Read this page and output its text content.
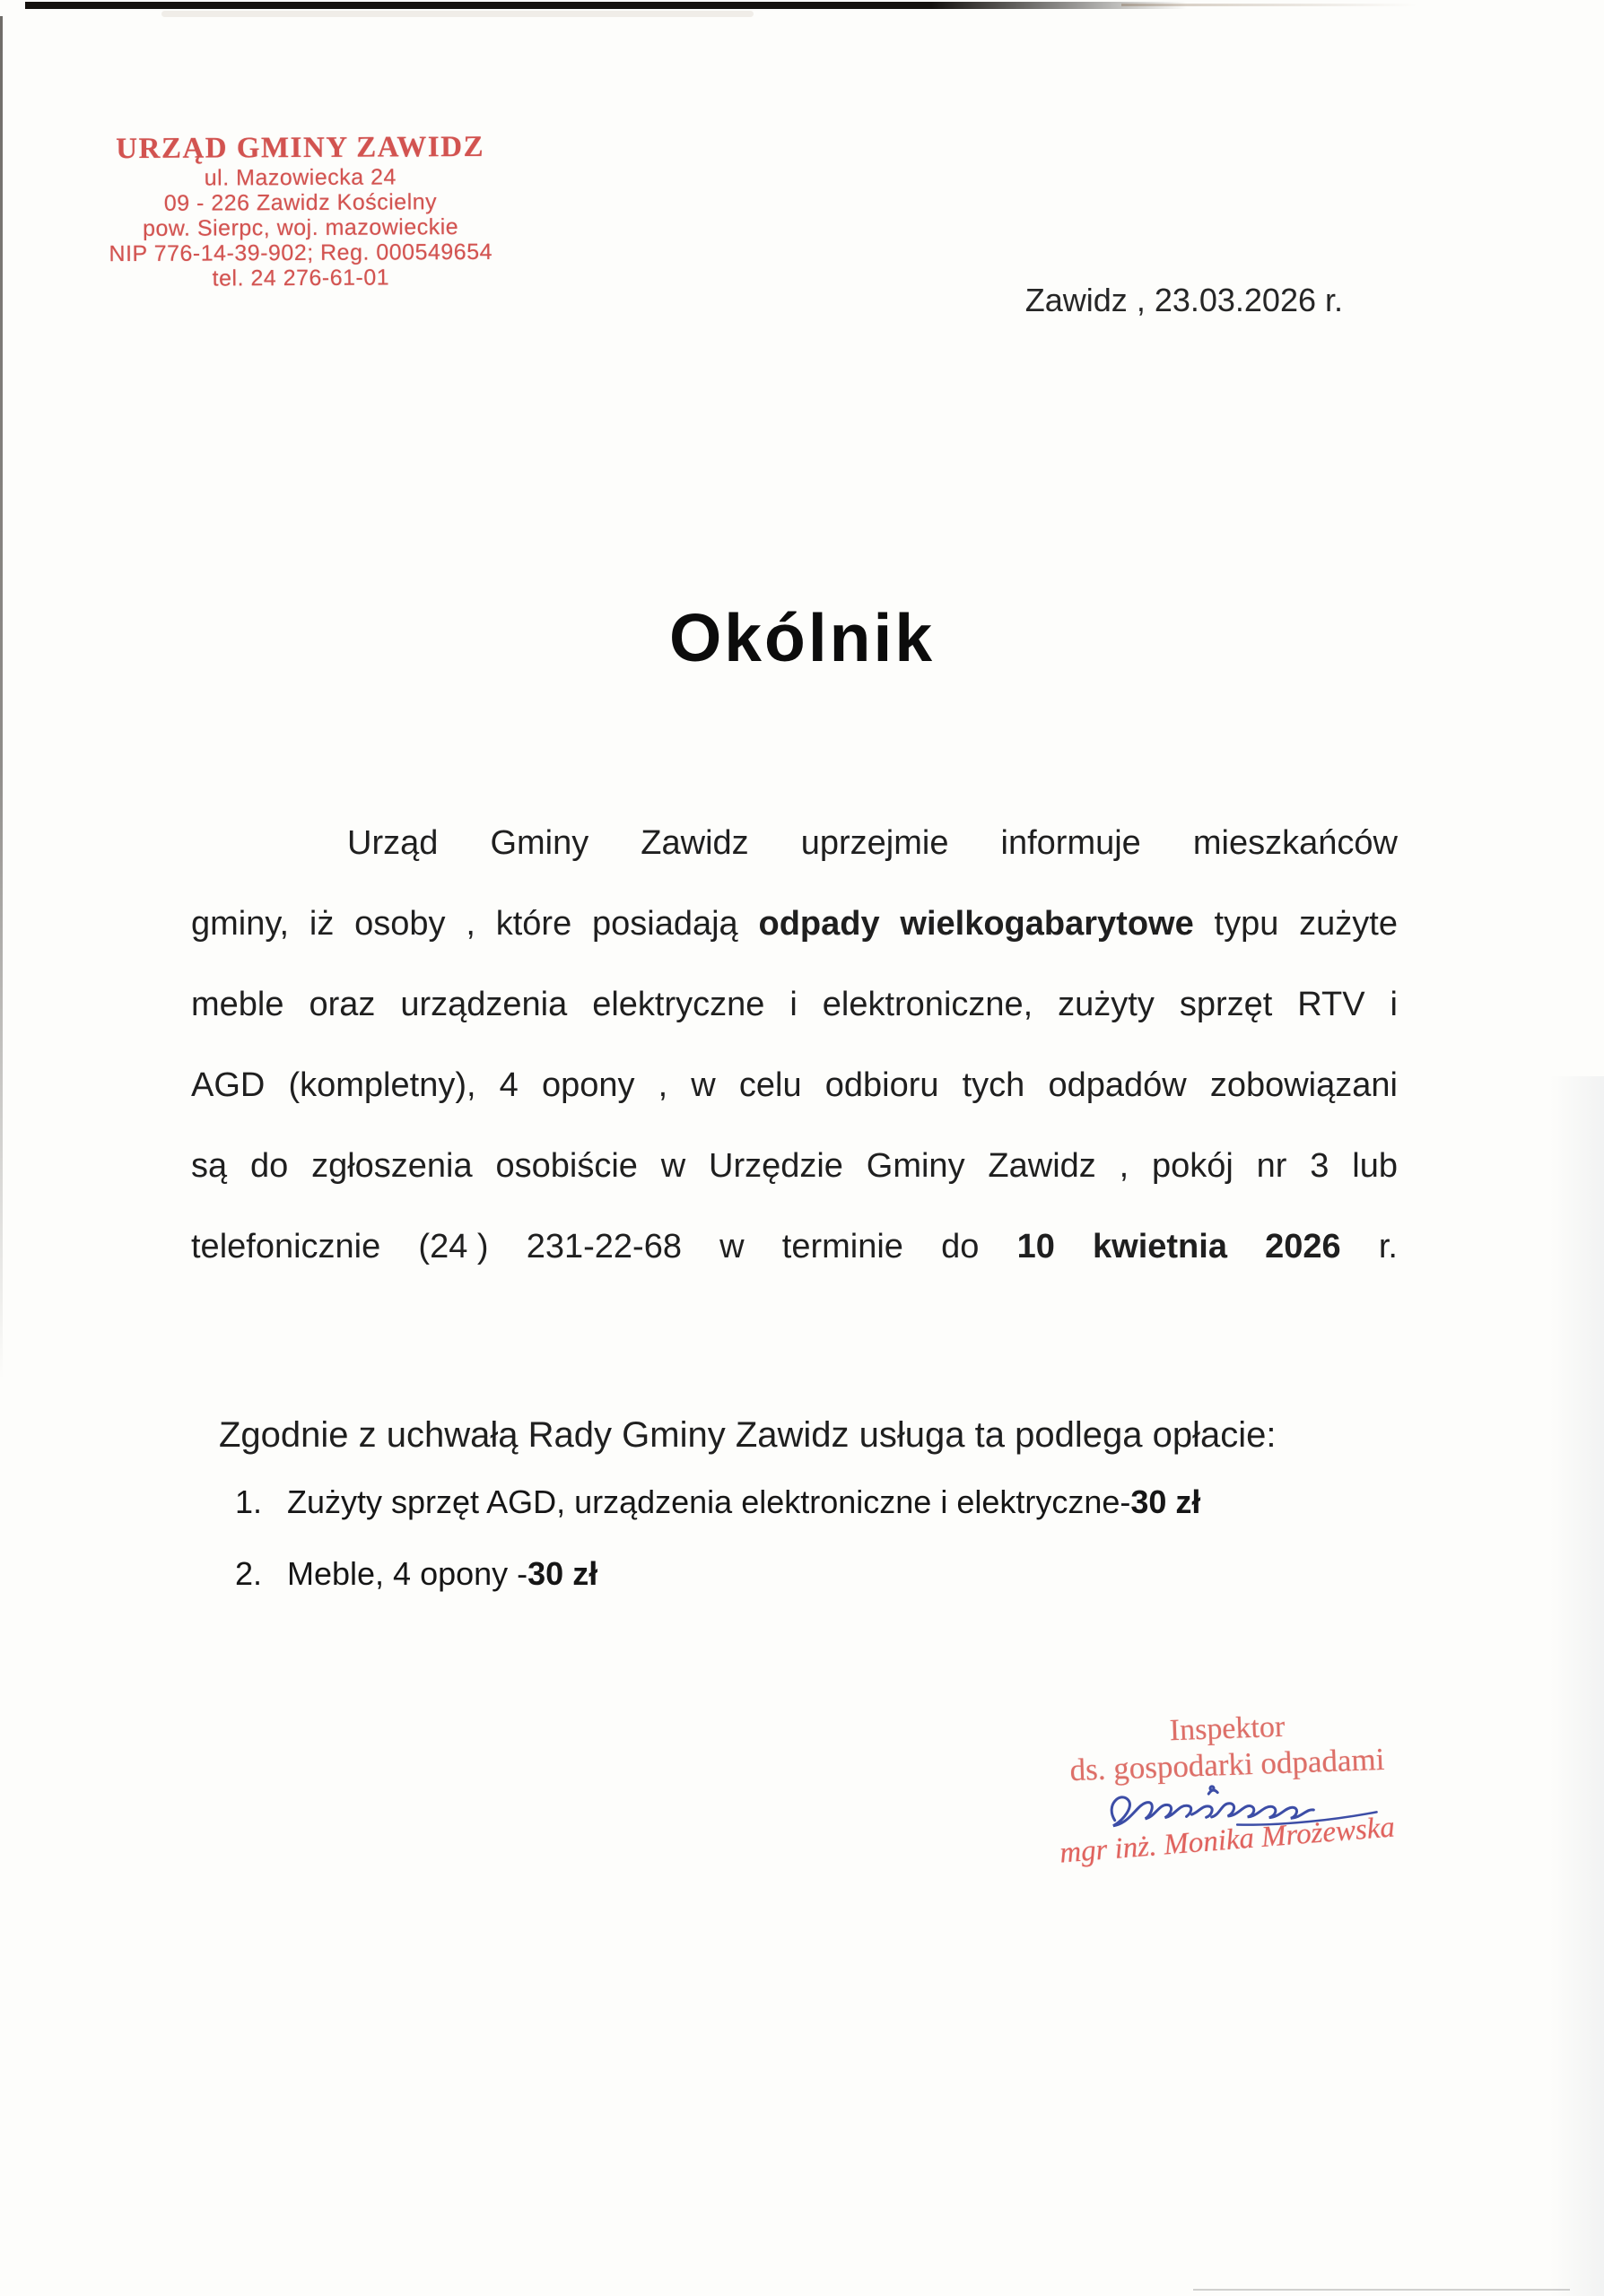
URZĄD GMINY ZAWIDZ
ul. Mazowiecka 24
09 - 226 Zawidz Kościelny
pow. Sierpc, woj. mazowieckie
NIP 776-14-39-902; Reg. 000549654
tel. 24 276-61-01
Zawidz , 23.03.2026 r.
Okólnik
Urząd Gminy Zawidz uprzejmie informuje mieszkańców
gminy, iż osoby , które posiadają odpady wielkogabarytowe typu zużyte
meble oraz urządzenia elektryczne i elektroniczne, zużyty sprzęt RTV i
AGD (kompletny), 4 opony , w celu odbioru tych odpadów zobowiązani
są do zgłoszenia osobiście w Urzędzie Gminy Zawidz , pokój nr 3 lub
telefonicznie (24 ) 231-22-68 w terminie do 10 kwietnia 2026 r.
Zgodnie z uchwałą Rady Gminy Zawidz usługa ta podlega opłacie:
1. Zużyty sprzęt AGD, urządzenia elektroniczne i elektryczne- 30 zł
2. Meble, 4 opony - 30 zł
Inspektor
ds. gospodarki odpadami
mgr inż. Monika Mrożewska
